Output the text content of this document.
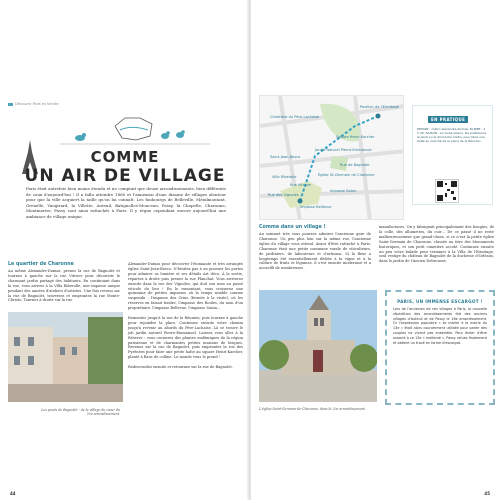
Découvrir Paris en famille
COMME
UN AIR DE VILLAGE

Paris était autrefois bien moins étendu et ne comptait que douze arrondissements, bien différents de ceux d'aujourd'hui ! Il a fallu attendre 1860 et l'annexion d'une dizaine de villages alentour pour que la ville acquiert la taille qu'on lui connaît. Les faubourgs de Belleville, Ménilmontant, Grenelle, Vaugirard, la Villette, Auteuil, Batignolles-Monceau, Passy, la Chapelle, Charonne, Montmartre, Passy sont ainsi rattachés à Paris. Il y règne cependant encore aujourd'hui une ambiance de village unique.

Le quartier de Charonne
Au même Alexandre-Dumas, prenez la rue de Bagnolet et tournez à gauche sur la rue Vitruve pour découvrir le charmant jardin partagé des habitants. En continuant dans la rue, vous arrivez à la Villa Riberolle, une impasse unique pendant des années d'ateliers d'artistes. Une fois revenu sur la rue de Bagnolet, traversez et empruntez la rue Monte-Christo. Tournez à droite sur la rue
Alexandre-Dumas pour découvrir l'étonnante et très arrangée église Saint-Jean-Bosco. N'hésitez pas à en pousser les portes pour admirer sa lumière et ses détails Art déco. À la sortie, repartez à droite puis prenez la rue Planchat. Vous arriverez ensuite dans la rue des Vignoles, qui doit son nom au passé viticole du lieu ! En le remontant, vous croiserez une quinzaine de petites impasses où la temps semble comme suspendu : l'impasse des Crins (fermée à la visite), où les réserves en faisait fondre, l'impasse des Roules, du nom d'un propriétaire, l'impasse Bellevue, l'impasse Satan…

Remontez jusqu'à la rue de la Réunion, puis tournez à gauche pour rejoindre la place. Continuez ensuite votre chemin jusqu'à revenir au abords du Père-Lachaise. Là se trouve le joli jardin naturel Pierre-Emmanuel. Laissez vous aller à la Réserve : vous croiserez des plantes endémiques de la région parisienne et de charmantes petites maisons de briques. Revenez sur la rue de Bagnolet, puis empruntez la rue des Pyrénées pour faire une petite halte au square Henri-Karcher, planté à flanc de colline. Le monde vous le prend !

Redescendez ensuite et retournez sur la rue de Bagnolet.
Les pavés de Bagnolet - de la village du cœur du 20e arrondissement.
44
Cimetière du Père-Lachaise
Jardin Naturel Pierre-Emmanuel
Square Henri-Karcher
Rue de Bagnolet
Saint-Jean-Bosco
Église St-Germain de Charonne
Villa Riberolle
Rue Vitruve
Impasse Satan
Impasse Bellevue
Rue des Vignoles
Pavillon de l'Ermitage
EN PRATIQUE
DÉPART : métro Alexandre-Dumas. DURÉE : 1 h 30. SAISON : en toute saison. De préférence le jeudi ou le dimanche matin, pour faire une halte au marché de la place de la Réunion.
Comme dans un village !
Au sommet très vous pourrez admirer l'ancienne gare de Charonne. Un peu plus loin sur la même rue, l'ancienne église du village vous attend. Avant d'être rattaché à Paris, Charonne était une petite commune rurale de viticulteurs, de jardiniers, de laboureurs et d'artisans. Si la fleur a longtemps été essentiellement dédiée à la vigne et à la culture de fruits et légumes, il s'est ensuite modernisé et a accueilli de nombreuses
manufactures. On y fabriquait principalement des bougies, de la colle, des allumettes, du cuir… De ce passé il ne reste malheureusement que grand-chose, si ce n'est la petite église Saint-Germain de Charonne, classée au titre des Monuments historiques, et son petit cimetière accolé. Continuez ensuite un peu votre balade pour terminer à la Villa de l'Ermitage, seul vestige du château de Bagnolet de la duchesse d'Orléans, dans le jardin de l'Ancien Debrousse.
L'église Saint-Germain-de-Charonne, dans le 20e arrondissement.
PARIS, UN IMMENSE ESCARGOT !
Lors de l'annexion de ces villages à Paris, la nouvelle répartition des arrondissements fait des anciens villages d'Auteuil et de Passy le 16e arrondissement. Or l'expression populaire « se marier à la mairie du 13e » était alors couramment utilisée pour parler des couples ne vivant pas ensemble. Pour éviter d'être associé à ce 13e « malfamé », Passy refuse finalement et obtient un tracé en forme d'escargot.
45
